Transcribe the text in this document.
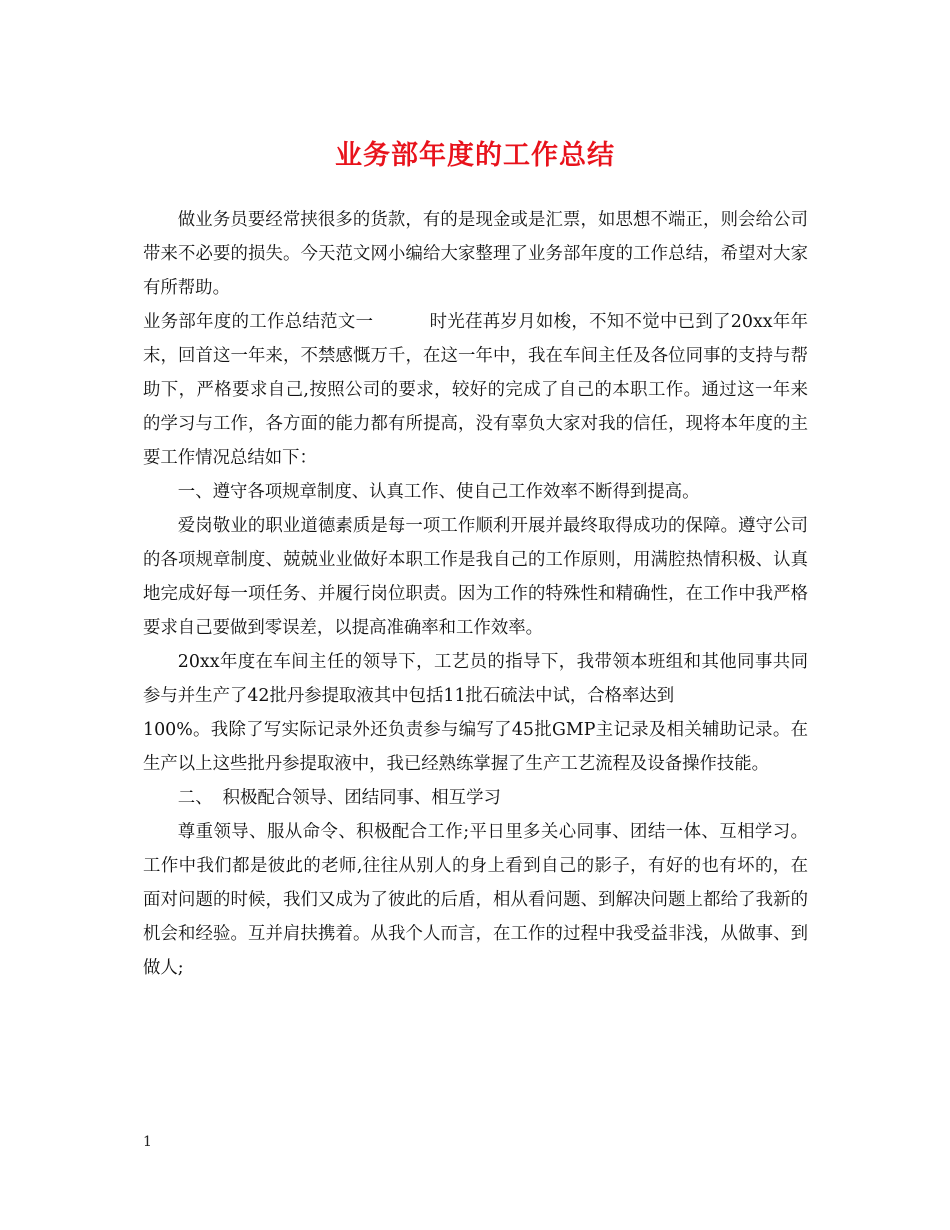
业务部年度的工作总结

做业务员要经常挟很多的货款，有的是现金或是汇票，如思想不端正，则会给公司带来不必要的损失。今天范文网小编给大家整理了业务部年度的工作总结，希望对大家有所帮助。

业务部年度的工作总结范文一	时光荏苒岁月如梭，不知不觉中已到了20xx年年末，回首这一年来，不禁感慨万千，在这一年中，我在车间主任及各位同事的支持与帮助下，严格要求自己,按照公司的要求，较好的完成了自己的本职工作。通过这一年来的学习与工作，各方面的能力都有所提高，没有辜负大家对我的信任，现将本年度的主要工作情况总结如下：

一、遵守各项规章制度、认真工作、使自己工作效率不断得到提高。

爱岗敬业的职业道德素质是每一项工作顺利开展并最终取得成功的保障。遵守公司的各项规章制度、兢兢业业做好本职工作是我自己的工作原则，用满腔热情积极、认真地完成好每一项任务、并履行岗位职责。因为工作的特殊性和精确性，在工作中我严格要求自己要做到零误差，以提高准确率和工作效率。

20xx年度在车间主任的领导下，工艺员的指导下，我带领本班组和其他同事共同参与并生产了42批丹参提取液其中包括11批石硫法中试，合格率达到

100%。我除了写实际记录外还负责参与编写了45批GMP主记录及相关辅助记录。在生产以上这些批丹参提取液中，我已经熟练掌握了生产工艺流程及设备操作技能。

二、 积极配合领导、团结同事、相互学习

尊重领导、服从命令、积极配合工作;平日里多关心同事、团结一体、互相学习。工作中我们都是彼此的老师,往往从别人的身上看到自己的影子，有好的也有坏的，在面对问题的时候，我们又成为了彼此的后盾，相从看问题、到解决问题上都给了我新的机会和经验。互并肩扶携着。从我个人而言，在工作的过程中我受益非浅，从做事、到做人;

1
